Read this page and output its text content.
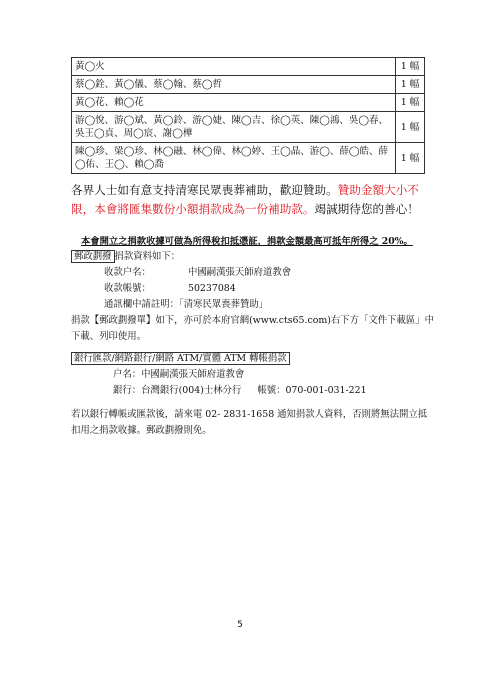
黃◯火	1 幅
蔡◯銓、黃◯儀、蔡◯翰、蔡◯哲	1 幅
黃◯花、賴◯花	1 幅
游◯悅、游◯斌、黃◯鈴、游◯婕、陳◯吉、徐◯英、陳◯鴻、吳◯春、吳王◯貞、周◯宸、謝◯樺	1 幅
陳◯珍、梁◯珍、林◯融、林◯偉、林◯婷、王◯晶、游◯、薛◯皓、薛◯佑、王◯、賴◯喬	1 幅
各界人士如有意支持清寒民眾喪葬補助，歡迎贊助。贊助金額大小不限，本會將匯集數份小額捐款成為一份補助款。竭誠期待您的善心！
本會開立之捐款收據可做為所得稅扣抵憑証，捐款金額最高可抵年所得之 20%。
郵政劃撥 捐款資料如下：
收款户名：	中國嗣漢張天師府道教會
收款帳號：	50237084
通訊欄中請註明：「清寒民眾喪葬贊助」
捐款【郵政劃撥單】如下，亦可於本府官網(www.cts65.com)右下方「文件下載區」中
下載、列印使用。
銀行匯款/網路銀行/網路 ATM/實體 ATM 轉帳捐款
户名：中國嗣漢張天師府道教會
銀行：台灣銀行(004)士林分行 帳號：070-001-031-221
若以銀行轉帳或匯款後，請來電 02- 2831-1658 通知捐款人資料，否則將無法開立抵
扣用之捐款收據。郵政劃撥則免。
5
